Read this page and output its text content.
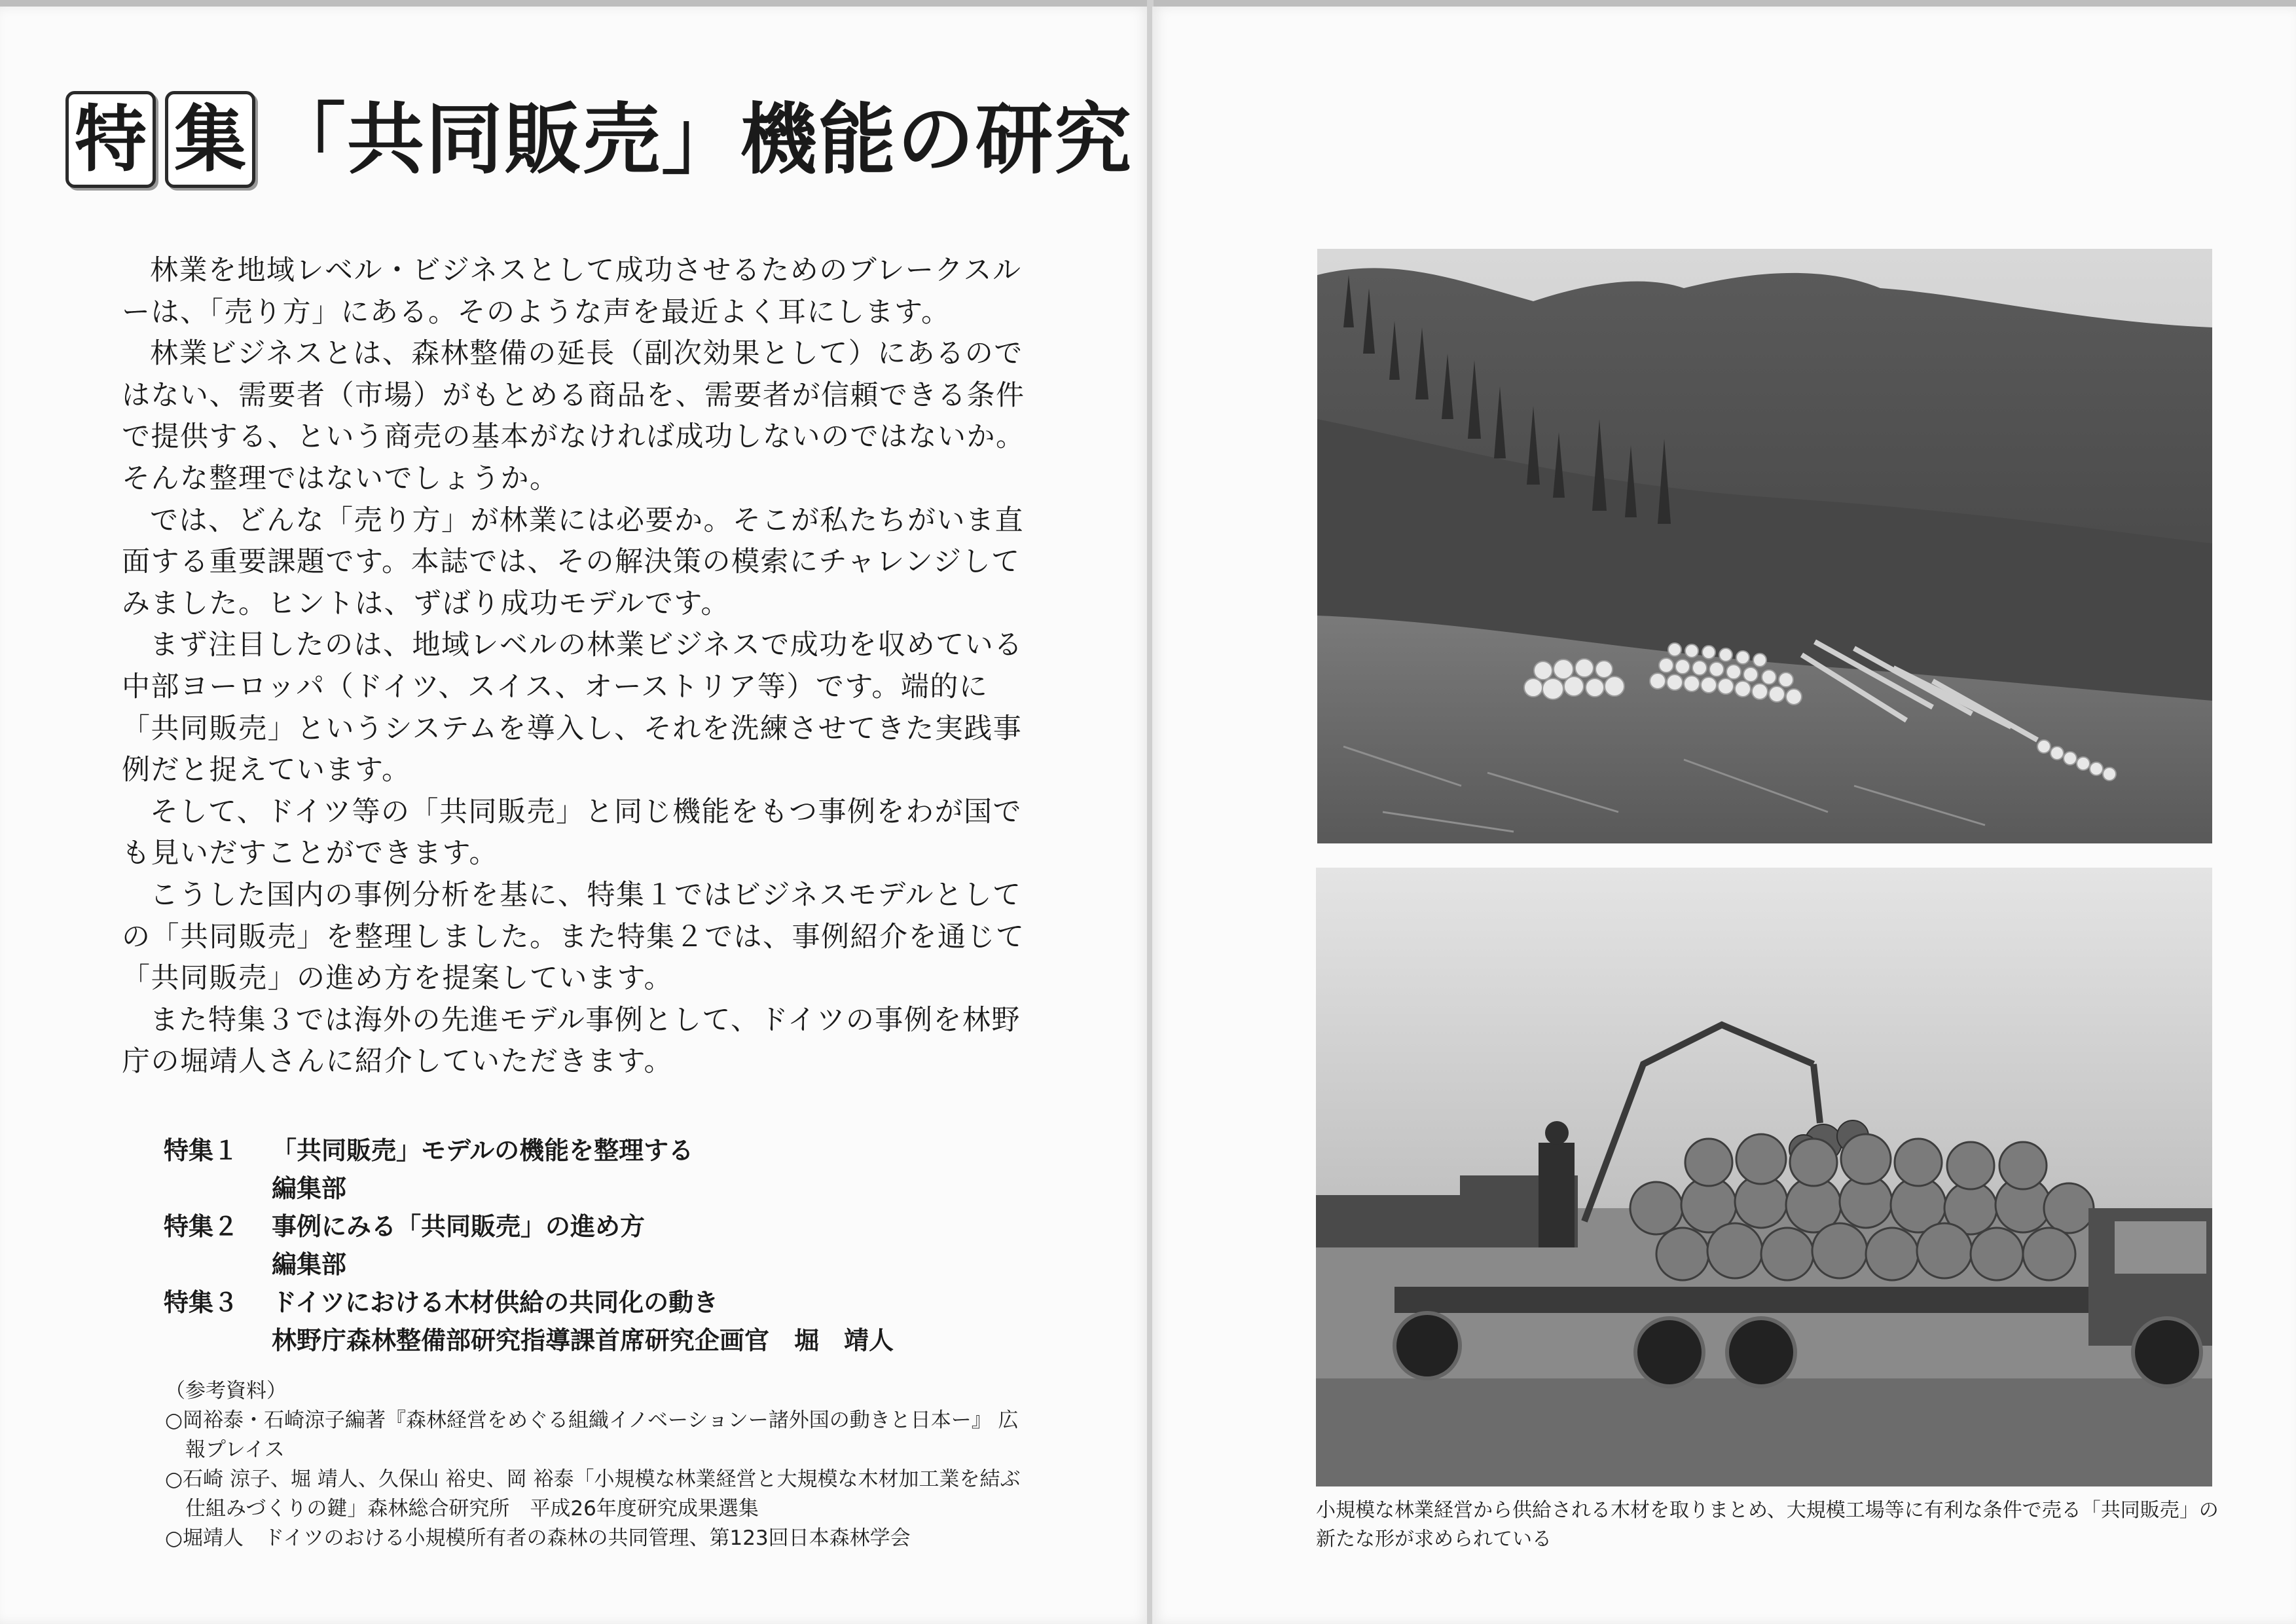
特 集 「共同販売」機能の研究

林業を地域レベル・ビジネスとして成功させるためのブレークスルーは、「売り方」にある。そのような声を最近よく耳にします。

林業ビジネスとは、森林整備の延長（副次効果として）にあるのではない、需要者（市場）がもとめる商品を、需要者が信頼できる条件で提供する、という商売の基本がなければ成功しないのではないか。そんな整理ではないでしょうか。

では、どんな「売り方」が林業には必要か。そこが私たちがいま直面する重要課題です。本誌では、その解決策の模索にチャレンジしてみました。ヒントは、ずばり成功モデルです。

まず注目したのは、地域レベルの林業ビジネスで成功を収めている中部ヨーロッパ（ドイツ、スイス、オーストリア等）です。端的に「共同販売」というシステムを導入し、それを洗練させてきた実践事例だと捉えています。

そして、ドイツ等の「共同販売」と同じ機能をもつ事例をわが国でも見いだすことができます。

こうした国内の事例分析を基に、特集１ではビジネスモデルとしての「共同販売」を整理しました。また特集２では、事例紹介を通じて「共同販売」の進め方を提案しています。

また特集３では海外の先進モデル事例として、ドイツの事例を林野庁の堀靖人さんに紹介していただきます。

特集１	「共同販売」モデルの機能を整理する
編集部
特集２	事例にみる「共同販売」の進め方
編集部
特集３	ドイツにおける木材供給の共同化の動き
林野庁森林整備部研究指導課首席研究企画官　堀　靖人
（参考資料）
○岡裕泰・石崎涼子編著『森林経営をめぐる組織イノベーションー諸外国の動きと日本ー』 広報プレイス
○石崎 涼子、堀 靖人、久保山 裕史、岡 裕泰「小規模な林業経営と大規模な木材加工業を結ぶ仕組みづくりの鍵」森林総合研究所　平成26年度研究成果選集
○堀靖人　ドイツのおける小規模所有者の森林の共同管理、第123回日本森林学会
小規模な林業経営から供給される木材を取りまとめ、大規模工場等に有利な条件で売る「共同販売」の新たな形が求められている
